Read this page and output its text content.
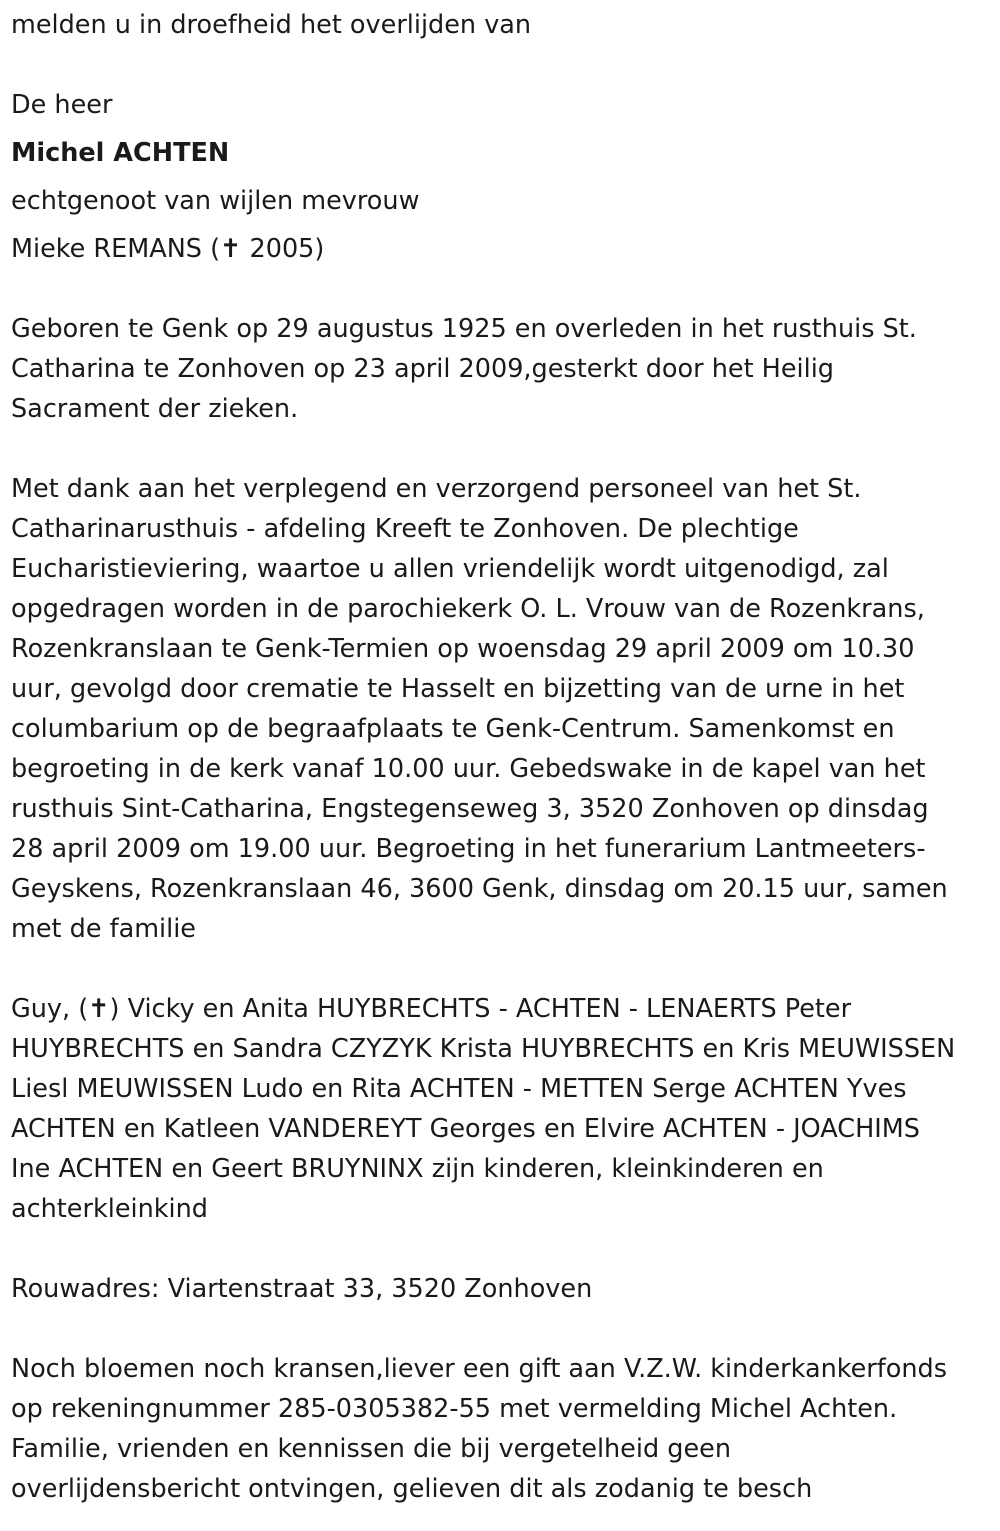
melden u in droefheid het overlijden van
De heer
Michel ACHTEN
echtgenoot van wijlen mevrouw
Mieke REMANS (✝ 2005)
Geboren te Genk op 29 augustus 1925 en overleden in het rusthuis St.
Catharina te Zonhoven op 23 april 2009,gesterkt door het Heilig
Sacrament der zieken.
Met dank aan het verplegend en verzorgend personeel van het St.
Catharinarusthuis - afdeling Kreeft te Zonhoven. De plechtige
Eucharistieviering, waartoe u allen vriendelijk wordt uitgenodigd, zal
opgedragen worden in de parochiekerk O. L. Vrouw van de Rozenkrans,
Rozenkranslaan te Genk-Termien op woensdag 29 april 2009 om 10.30
uur, gevolgd door crematie te Hasselt en bijzetting van de urne in het
columbarium op de begraafplaats te Genk-Centrum. Samenkomst en
begroeting in de kerk vanaf 10.00 uur. Gebedswake in de kapel van het
rusthuis Sint-Catharina, Engstegenseweg 3, 3520 Zonhoven op dinsdag
28 april 2009 om 19.00 uur. Begroeting in het funerarium Lantmeeters-
Geyskens, Rozenkranslaan 46, 3600 Genk, dinsdag om 20.15 uur, samen
met de familie
Guy, (✝) Vicky en Anita HUYBRECHTS - ACHTEN - LENAERTS Peter
HUYBRECHTS en Sandra CZYZYK Krista HUYBRECHTS en Kris MEUWISSEN
Liesl MEUWISSEN Ludo en Rita ACHTEN - METTEN Serge ACHTEN Yves
ACHTEN en Katleen VANDEREYT Georges en Elvire ACHTEN - JOACHIMS
Ine ACHTEN en Geert BRUYNINX zijn kinderen, kleinkinderen en
achterkleinkind
Rouwadres: Viartenstraat 33, 3520 Zonhoven
Noch bloemen noch kransen,liever een gift aan V.Z.W. kinderkankerfonds
op rekeningnummer 285-0305382-55 met vermelding Michel Achten.
Familie, vrienden en kennissen die bij vergetelheid geen
overlijdensbericht ontvingen, gelieven dit als zodanig te besch
